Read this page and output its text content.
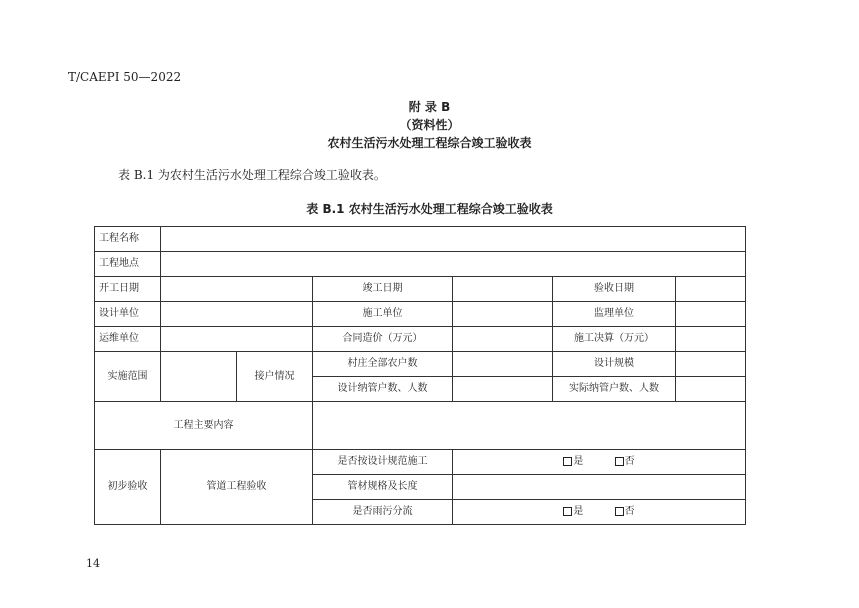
T/CAEPI 50—2022
附 录 B
（资料性）
农村生活污水处理工程综合竣工验收表
表 B.1 为农村生活污水处理工程综合竣工验收表。
表 B.1 农村生活污水处理工程综合竣工验收表
工程名称						
工程地点						
开工日期			竣工日期		验收日期	
设计单位			施工单位		监理单位	
运维单位			合同造价（万元）		施工决算（万元）	
实施范围		接户情况	村庄全部农户数		设计规模	
			设计纳管户数、人数		实际纳管户数、人数	
工程主要内容						
初步验收	管道工程验收		是否按设计规范施工	是 否		
			管材规格及长度			
			是否雨污分流	是 否		
14
